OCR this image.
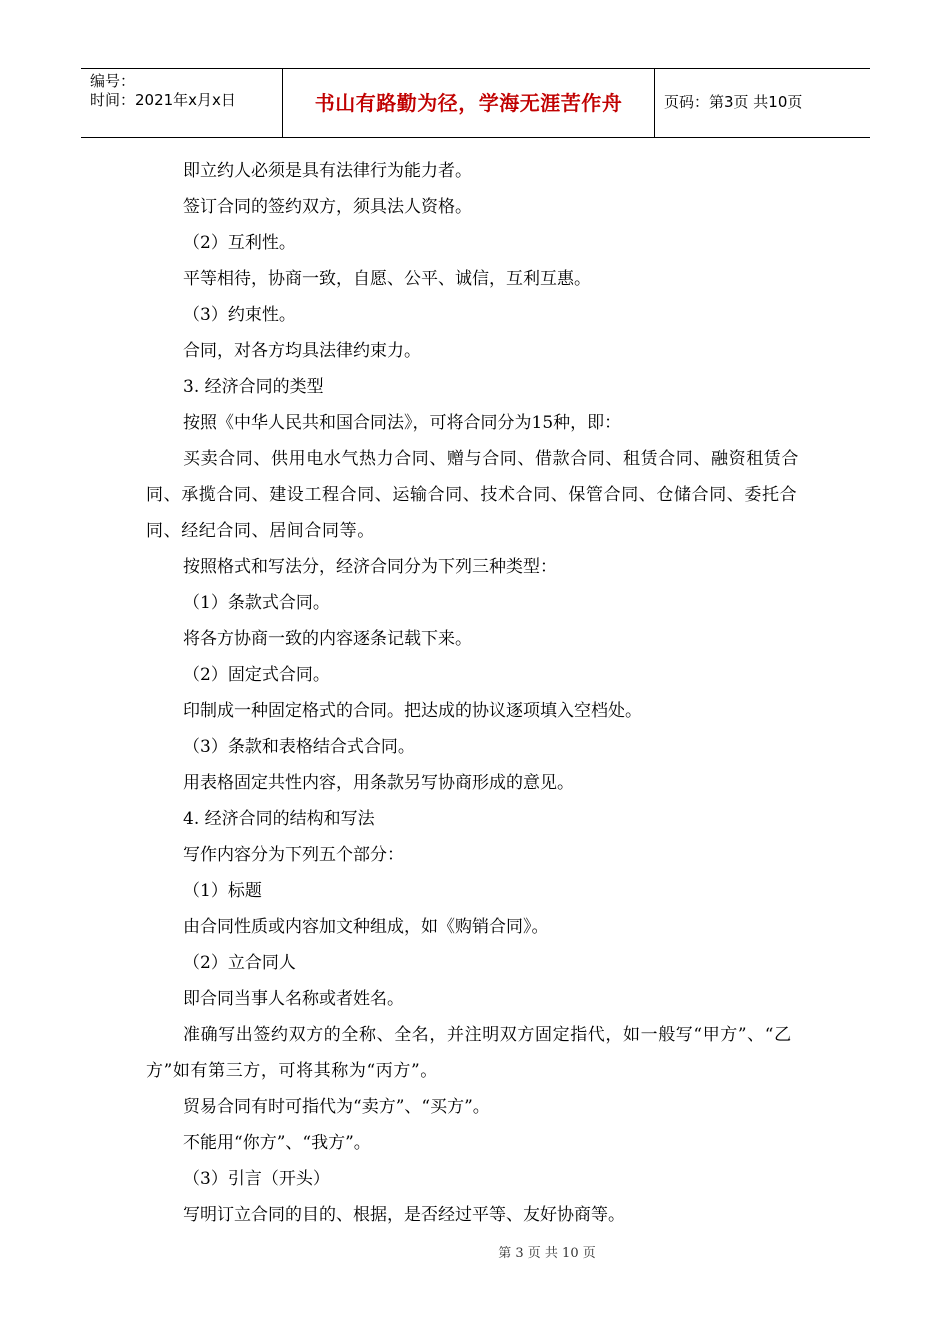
编号：
时间：2021年x月x日	书山有路勤为径，学海无涯苦作舟	页码：第3页 共10页

即立约人必须是具有法律行为能力者。

签订合同的签约双方，须具法人资格。

（2）互利性。

平等相待，协商一致，自愿、公平、诚信，互利互惠。

（3）约束性。

合同，对各方均具法律约束力。

3. 经济合同的类型

按照《中华人民共和国合同法》，可将合同分为15种，即：

买卖合同、供用电水气热力合同、赠与合同、借款合同、租赁合同、融资租赁合同、承揽合同、建设工程合同、运输合同、技术合同、保管合同、仓储合同、委托合同、经纪合同、居间合同等。

按照格式和写法分，经济合同分为下列三种类型：

（1）条款式合同。

将各方协商一致的内容逐条记载下来。

（2）固定式合同。

印制成一种固定格式的合同。把达成的协议逐项填入空档处。

（3）条款和表格结合式合同。

用表格固定共性内容，用条款另写协商形成的意见。

4. 经济合同的结构和写法

写作内容分为下列五个部分：

（1）标题

由合同性质或内容加文种组成，如《购销合同》。

（2）立合同人

即合同当事人名称或者姓名。

准确写出签约双方的全称、全名，并注明双方固定指代，如一般写“甲方”、“乙方”如有第三方，可将其称为“丙方”。

贸易合同有时可指代为“卖方”、“买方”。

不能用“你方”、“我方”。

（3）引言（开头）

写明订立合同的目的、根据，是否经过平等、友好协商等。

第 3 页 共 10 页
